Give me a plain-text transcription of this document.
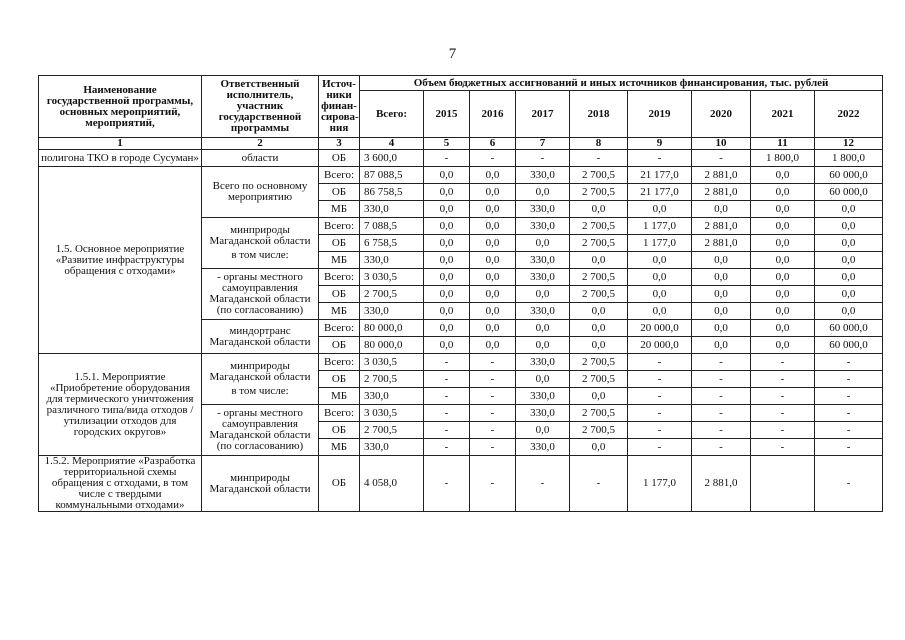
7
Наименование государственной программы, основных мероприятий, мероприятий,	Ответственный исполнитель, участник государственной программы	Источ-ники финан-сирова-ния	Объем бюджетных ассигнований и иных источников финансирования, тыс. рублей								
			Всего:	2015	2016	2017	2018	2019	2020	2021	2022
1	2	3	4	5	6	7	8	9	10	11	12
полигона ТКО в городе Сусуман»	области	ОБ	3 600,0	-	-	-	-	-	-	1 800,0	1 800,0
1.5. Основное мероприятие «Развитие инфраструктуры обращения с отходами»	Всего по основному мероприятию	Всего:	87 088,5	0,0	0,0	330,0	2 700,5	21 177,0	2 881,0	0,0	60 000,0
		ОБ	86 758,5	0,0	0,0	0,0	2 700,5	21 177,0	2 881,0	0,0	60 000,0
		МБ	330,0	0,0	0,0	330,0	0,0	0,0	0,0	0,0	0,0

	минприроды Магаданской области
в том числе:	Всего:	7 088,5	0,0	0,0	330,0	2 700,5	1 177,0	2 881,0	0,0	0,0
		ОБ	6 758,5	0,0	0,0	0,0	2 700,5	1 177,0	2 881,0	0,0	0,0
		МБ	330,0	0,0	0,0	330,0	0,0	0,0	0,0	0,0	0,0

	- органы местного самоуправления Магаданской области (по согласованию)	Всего:	3 030,5	0,0	0,0	330,0	2 700,5	0,0	0,0	0,0	0,0
		ОБ	2 700,5	0,0	0,0	0,0	2 700,5	0,0	0,0	0,0	0,0
		МБ	330,0	0,0	0,0	330,0	0,0	0,0	0,0	0,0	0,0

	миндортранс Магаданской области	Всего:	80 000,0	0,0	0,0	0,0	0,0	20 000,0	0,0	0,0	60 000,0
		ОБ	80 000,0	0,0	0,0	0,0	0,0	20 000,0	0,0	0,0	60 000,0
1.5.1. Мероприятие «Приобретение оборудования для термического уничтожения различного типа/вида отходов /утилизации отходов для городских округов»	минприроды Магаданской области
в том числе:	Всего:	3 030,5	-	-	330,0	2 700,5	-	-	-	-
		ОБ	2 700,5	-	-	0,0	2 700,5	-	-	-	-
		МБ	330,0	-	-	330,0	0,0	-	-	-	-

	- органы местного самоуправления Магаданской области (по согласованию)	Всего:	3 030,5	-	-	330,0	2 700,5	-	-	-	-
		ОБ	2 700,5	-	-	0,0	2 700,5	-	-	-	-
		МБ	330,0	-	-	330,0	0,0	-	-	-	-
1.5.2. Мероприятие «Разработка территориальной схемы обращения с отходами, в том числе с твердыми коммунальными отходами»	минприроды Магаданской области	ОБ	4 058,0	-	-	-	-	1 177,0	2 881,0		-
